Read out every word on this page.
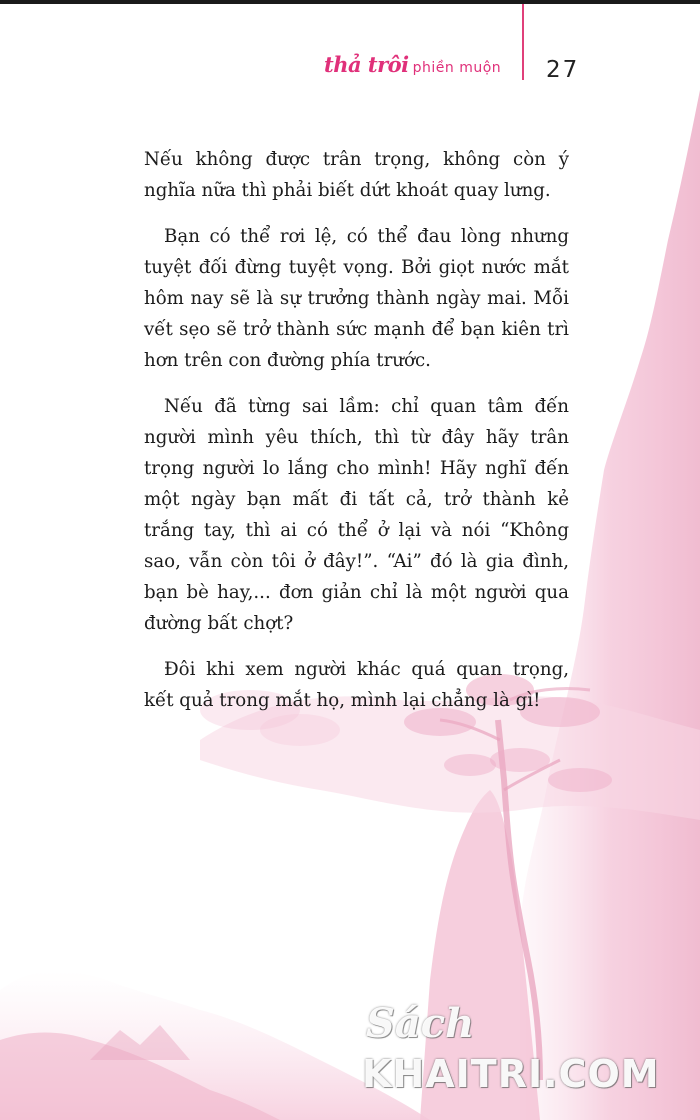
thả trôi phiền muộn 27

Nếu không được trân trọng, không còn ý nghĩa nữa thì phải biết dứt khoát quay lưng.

Bạn có thể rơi lệ, có thể đau lòng nhưng tuyệt đối đừng tuyệt vọng. Bởi giọt nước mắt hôm nay sẽ là sự trưởng thành ngày mai. Mỗi vết sẹo sẽ trở thành sức mạnh để bạn kiên trì hơn trên con đường phía trước.

Nếu đã từng sai lầm: chỉ quan tâm đến người mình yêu thích, thì từ đây hãy trân trọng người lo lắng cho mình! Hãy nghĩ đến một ngày bạn mất đi tất cả, trở thành kẻ trắng tay, thì ai có thể ở lại và nói “Không sao, vẫn còn tôi ở đây!”. “Ai” đó là gia đình, bạn bè hay,... đơn giản chỉ là một người qua đường bất chợt?

Đôi khi xem người khác quá quan trọng, kết quả trong mắt họ, mình lại chẳng là gì!

Sách
KHAITRI.COM
